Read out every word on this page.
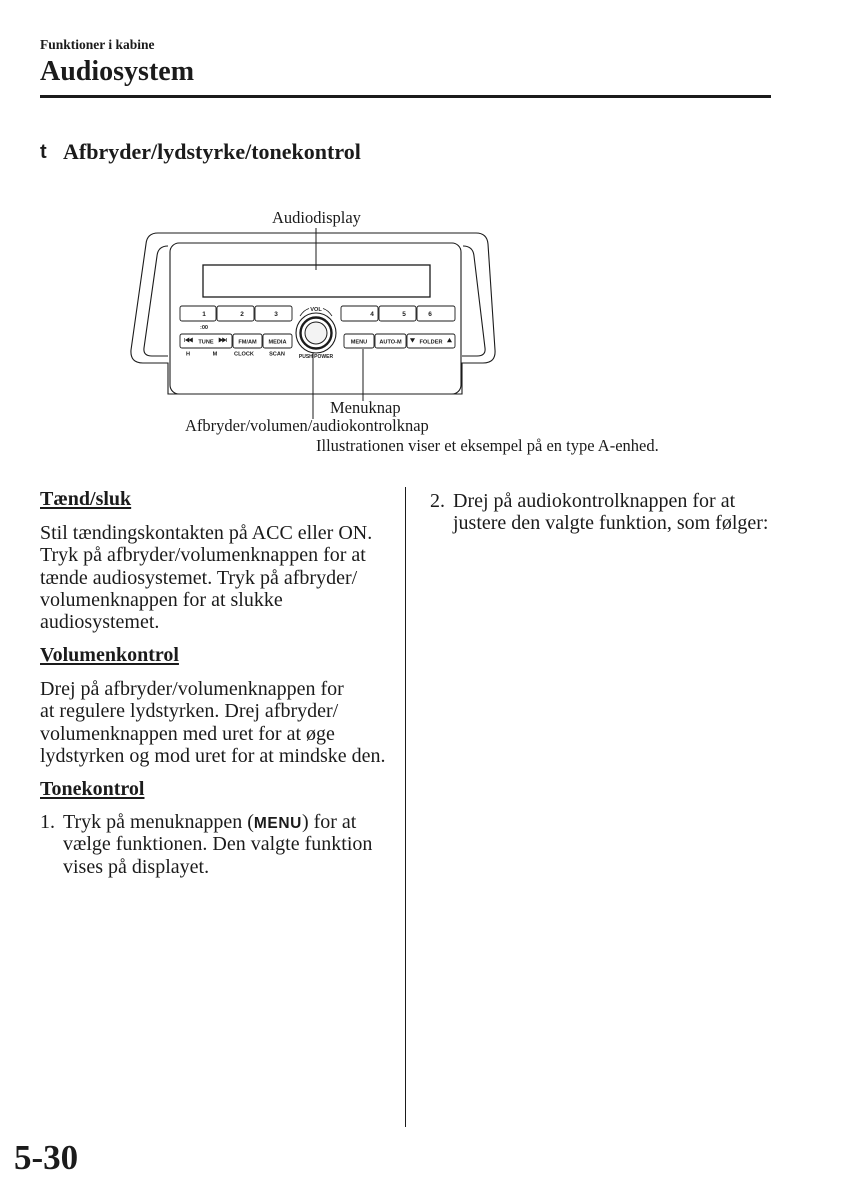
Funktioner i kabine
Audiosystem
t Afbryder/lydstyrke/tonekontrol
1	2	3	4	5	6
:00
TUNE	FM/AM MEDIA	MENU AUTO-M	FOLDER
H	M	CLOCK	SCAN
VOL
PUSH POWER
Audiodisplay
Menuknap
Afbryder/volumen/audiokontrolknap
Illustrationen viser et eksempel på en type A-enhed.
Tænd/sluk
Stil tændingskontakten på ACC eller ON.
Tryk på afbryder/volumenknappen for at
tænde audiosystemet. Tryk på afbryder/
volumenknappen for at slukke
audiosystemet.
Volumenkontrol
Drej på afbryder/volumenknappen for
at regulere lydstyrken. Drej afbryder/
volumenknappen med uret for at øge
lydstyrken og mod uret for at mindske den.
Tonekontrol
1. Tryk på menuknappen (MENU) for at
vælge funktionen. Den valgte funktion
vises på displayet.
2. Drej på audiokontrolknappen for at
justere den valgte funktion, som følger:
5-30
